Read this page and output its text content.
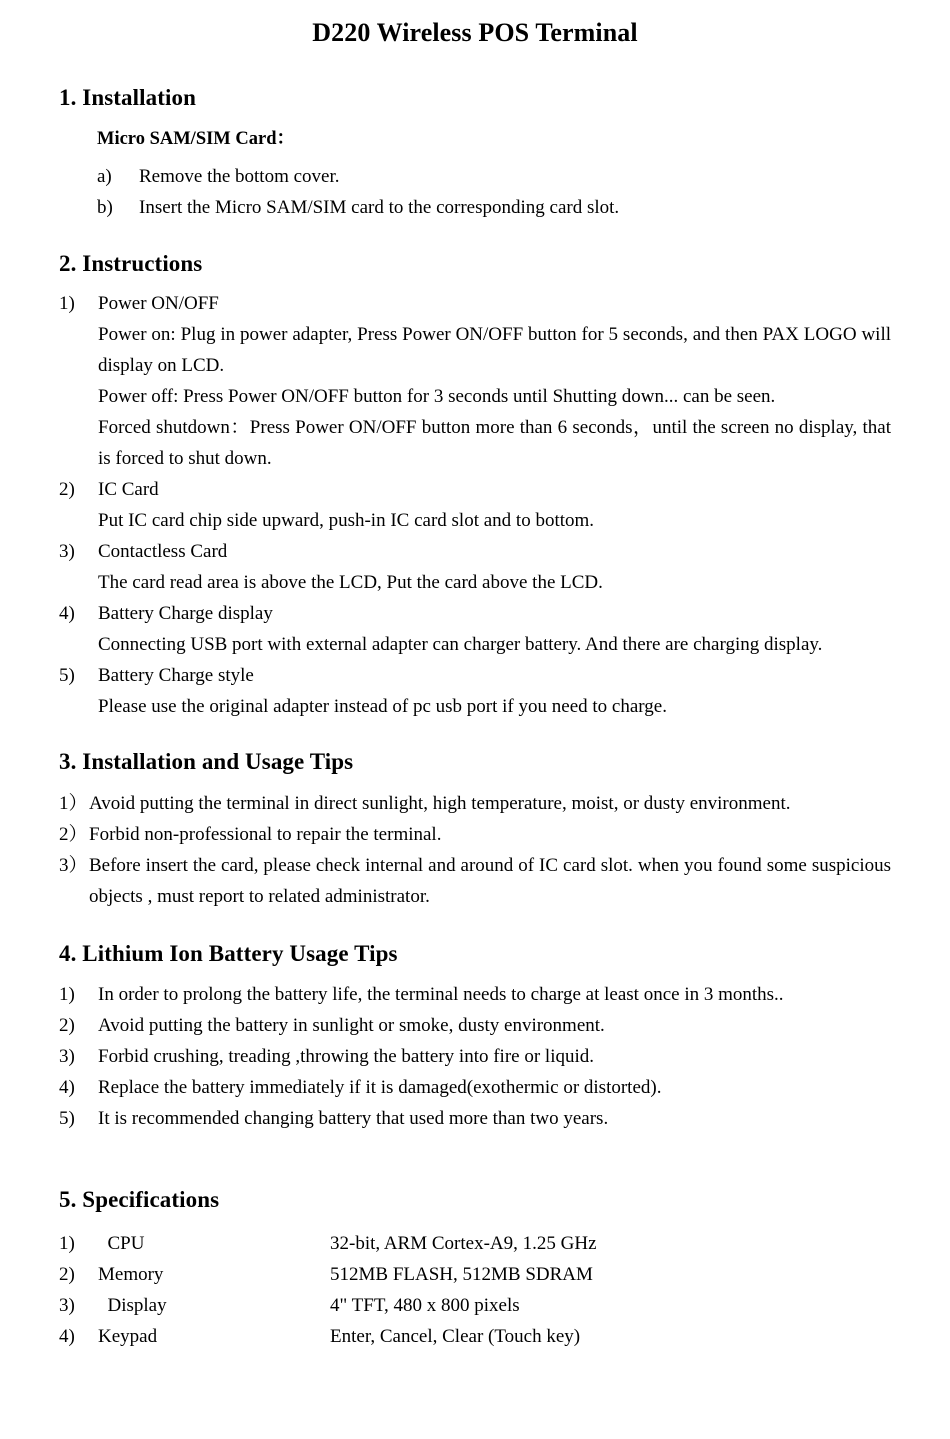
D220 Wireless POS Terminal
1. Installation
Micro SAM/SIM Card：
a)	Remove the bottom cover.
b)	Insert the Micro SAM/SIM card to the corresponding card slot.
2. Instructions
1)	Power ON/OFF
Power on: Plug in power adapter, Press Power ON/OFF button for 5 seconds, and then PAX LOGO will display on LCD.
Power off: Press Power ON/OFF button for 3 seconds until Shutting down... can be seen.
Forced shutdown：Press Power ON/OFF button more than 6 seconds，until the screen no display, that is forced to shut down.
2)	IC Card
Put IC card chip side upward, push-in IC card slot and to bottom.
3)	Contactless Card
The card read area is above the LCD, Put the card above the LCD.
4)	Battery Charge display
Connecting USB port with external adapter can charger battery. And there are charging display.
5)	Battery Charge style
Please use the original adapter instead of pc usb port if you need to charge.
3. Installation and Usage Tips
1） Avoid putting the terminal in direct sunlight, high temperature, moist, or dusty environment.
2） Forbid non-professional to repair the terminal.
3） Before insert the card, please check internal and around of IC card slot. when you found some suspicious objects , must report to related administrator.
4. Lithium Ion Battery Usage Tips
1)	In order to prolong the battery life, the terminal needs to charge at least once in 3 months..
2)	Avoid putting the battery in sunlight or smoke, dusty environment.
3)	Forbid crushing, treading ,throwing the battery into fire or liquid.
4)	Replace the battery immediately if it is damaged(exothermic or distorted).
5)	It is recommended changing battery that used more than two years.
5. Specifications
1)	CPU	32-bit, ARM Cortex-A9, 1.25 GHz
2)	Memory	512MB FLASH, 512MB SDRAM
3)	Display	4" TFT, 480 x 800 pixels
4)	Keypad	Enter, Cancel, Clear (Touch key)
